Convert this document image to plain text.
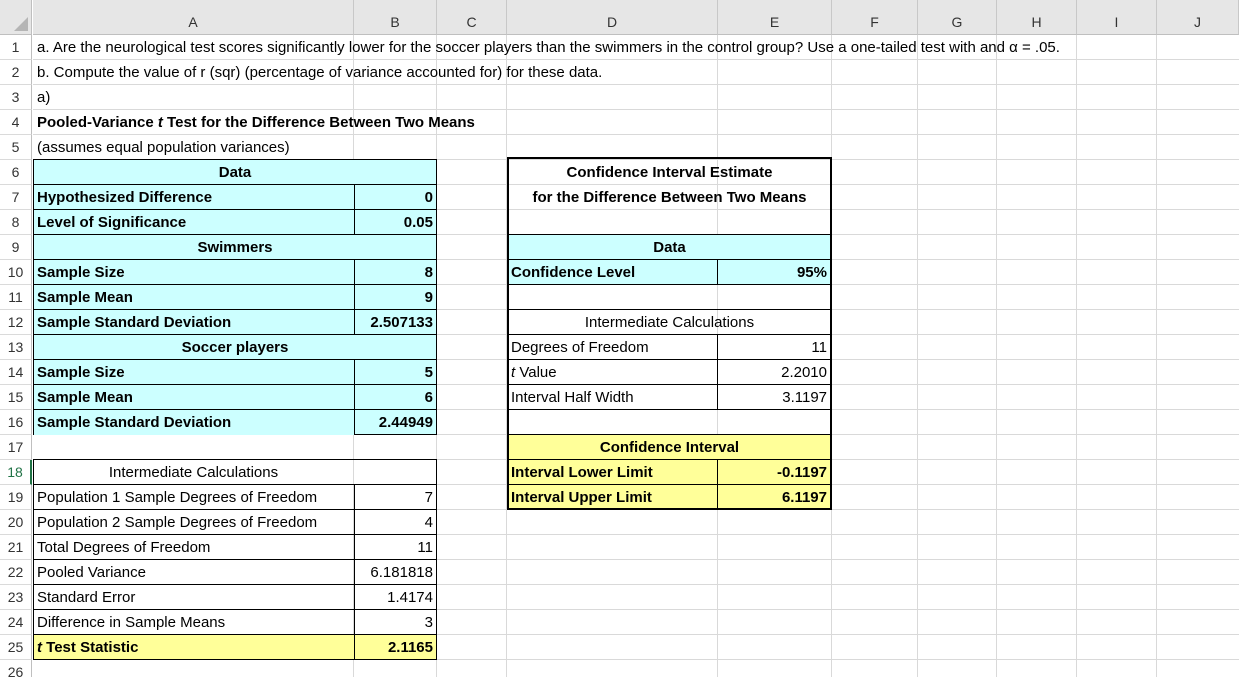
A	B	C	D	E	F	G	H	I	J
1
2
3
4
5
6
7
8
9
10
11
12
13
14
15
16
17
18
19
20
21
22
23
24
25
26
a. Are the neurological test scores significantly lower for the soccer players than the swimmers in the control group? Use a one-tailed test with and α = .05.
b. Compute the value of r (sqr) (percentage of variance accounted for) for these data.
a)
Pooled-Variance t Test for the Difference Between Two Means
(assumes equal population variances)
Data
Hypothesized Difference	0
Level of Significance	0.05
Swimmers
Sample Size	8
Sample Mean	9
Sample Standard Deviation	2.507133
Soccer players
Sample Size	5
Sample Mean	6
Sample Standard Deviation	2.44949
Intermediate Calculations
Population 1 Sample Degrees of Freedom	7
Population 2 Sample Degrees of Freedom	4
Total Degrees of Freedom	11
Pooled Variance	6.181818
Standard Error	1.4174
Difference in Sample Means	3
t Test Statistic	2.1165
Confidence Interval Estimate
for the Difference Between Two Means
Data
Confidence Level	95%
Intermediate Calculations
Degrees of Freedom	11
t Value	2.2010
Interval Half Width	3.1197
Confidence Interval
Interval Lower Limit	-0.1197
Interval Upper Limit	6.1197
